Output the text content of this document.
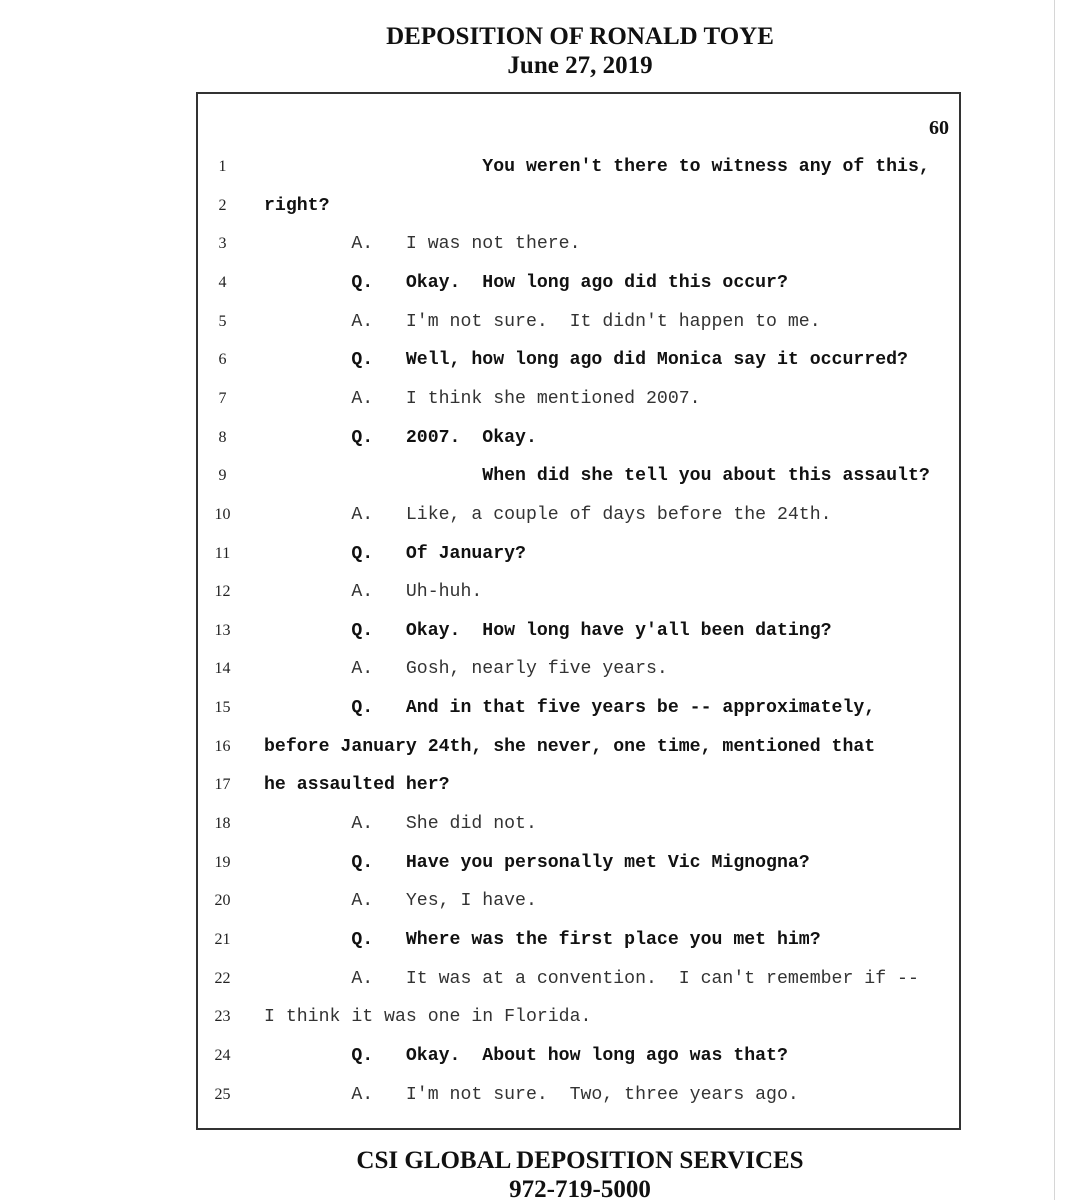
DEPOSITION OF RONALD TOYE
June 27, 2019
60
1	You weren't there to witness any of this,
2	right?
3	A.   I was not there.
4	Q.   Okay.  How long ago did this occur?
5	A.   I'm not sure.  It didn't happen to me.
6	Q.   Well, how long ago did Monica say it occurred?
7	A.   I think she mentioned 2007.
8	Q.   2007.  Okay.
9	When did she tell you about this assault?
10	A.   Like, a couple of days before the 24th.
11	Q.   Of January?
12	A.   Uh-huh.
13	Q.   Okay.  How long have y'all been dating?
14	A.   Gosh, nearly five years.
15	Q.   And in that five years be -- approximately,
16	before January 24th, she never, one time, mentioned that
17	he assaulted her?
18	A.   She did not.
19	Q.   Have you personally met Vic Mignogna?
20	A.   Yes, I have.
21	Q.   Where was the first place you met him?
22	A.   It was at a convention.  I can't remember if --
23	I think it was one in Florida.
24	Q.   Okay.  About how long ago was that?
25	A.   I'm not sure.  Two, three years ago.
CSI GLOBAL DEPOSITION SERVICES
972-719-5000
